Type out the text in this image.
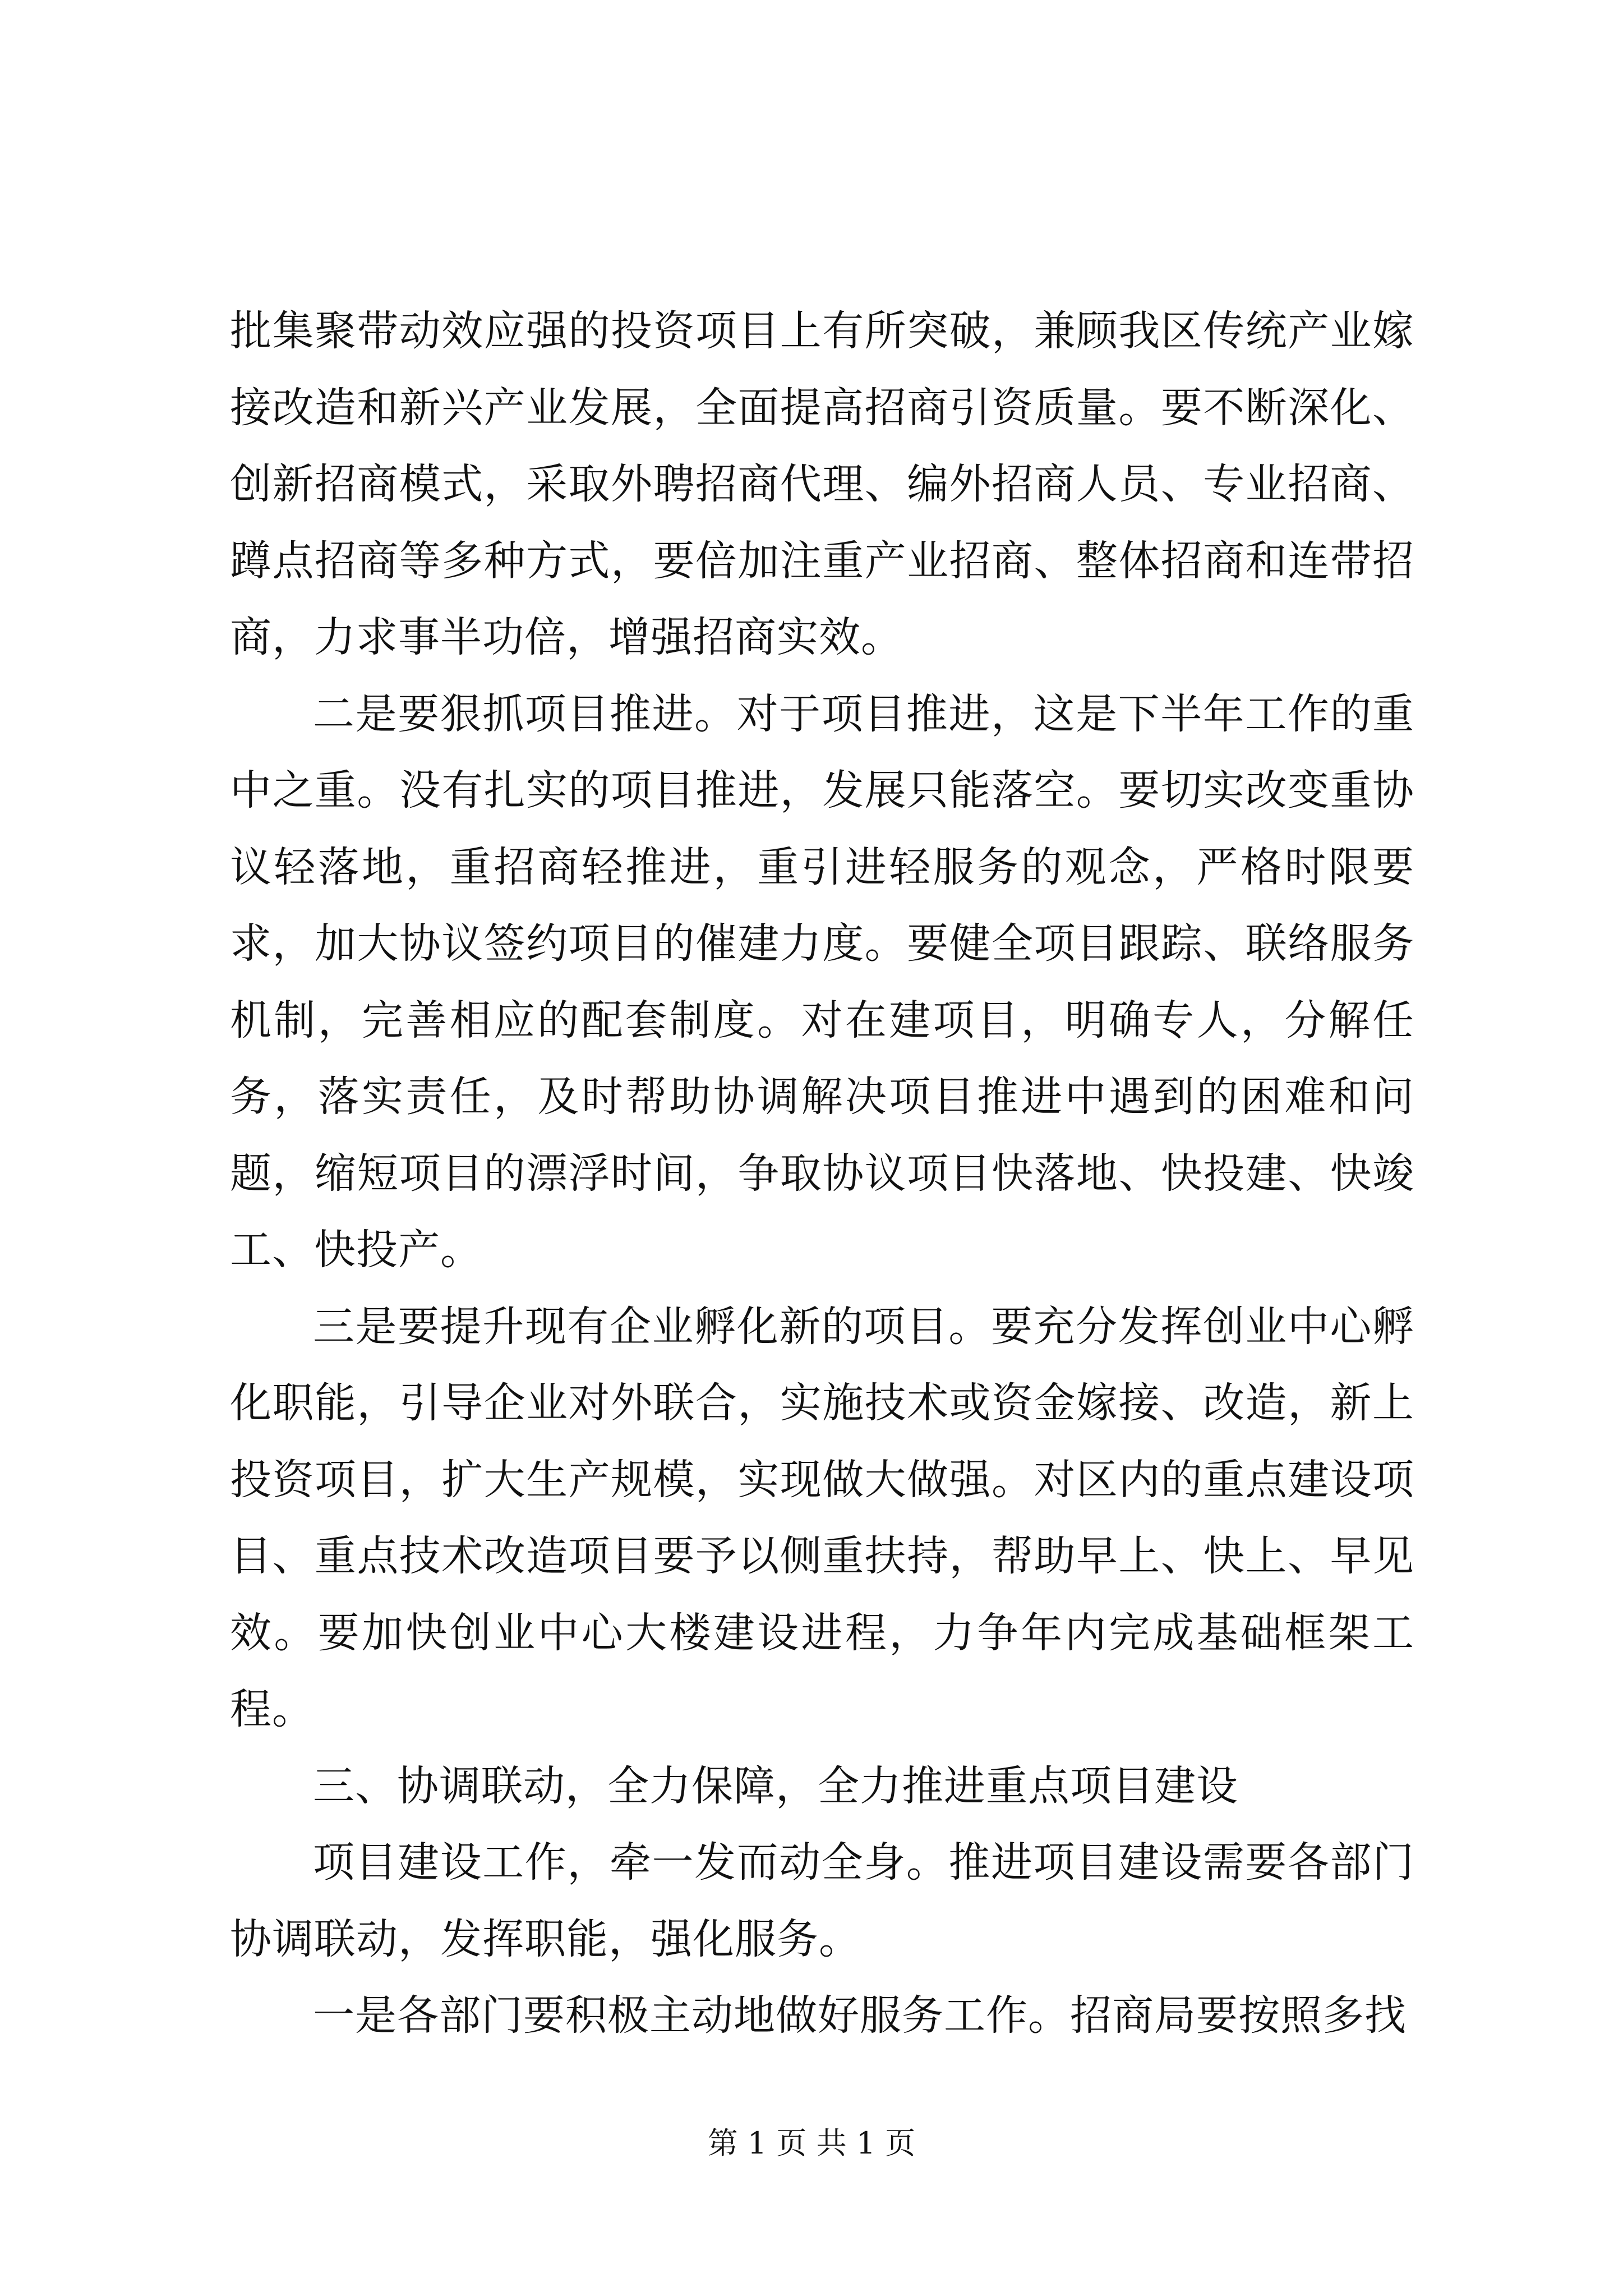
批集聚带动效应强的投资项目上有所突破，兼顾我区传统产业嫁接改造和新兴产业发展，全面提高招商引资质量。要不断深化、创新招商模式，采取外聘招商代理、编外招商人员、专业招商、蹲点招商等多种方式，要倍加注重产业招商、整体招商和连带招商，力求事半功倍，增强招商实效。

二是要狠抓项目推进。对于项目推进，这是下半年工作的重中之重。没有扎实的项目推进，发展只能落空。要切实改变重协议轻落地，重招商轻推进，重引进轻服务的观念，严格时限要求，加大协议签约项目的催建力度。要健全项目跟踪、联络服务机制，完善相应的配套制度。对在建项目，明确专人，分解任务，落实责任，及时帮助协调解决项目推进中遇到的困难和问题，缩短项目的漂浮时间，争取协议项目快落地、快投建、快竣工、快投产。

三是要提升现有企业孵化新的项目。要充分发挥创业中心孵化职能，引导企业对外联合，实施技术或资金嫁接、改造，新上投资项目，扩大生产规模，实现做大做强。对区内的重点建设项目、重点技术改造项目要予以侧重扶持，帮助早上、快上、早见效。要加快创业中心大楼建设进程，力争年内完成基础框架工程。

三、协调联动，全力保障，全力推进重点项目建设

项目建设工作，牵一发而动全身。推进项目建设需要各部门协调联动，发挥职能，强化服务。

一是各部门要积极主动地做好服务工作。招商局要按照多找

第 1 页 共 1 页
